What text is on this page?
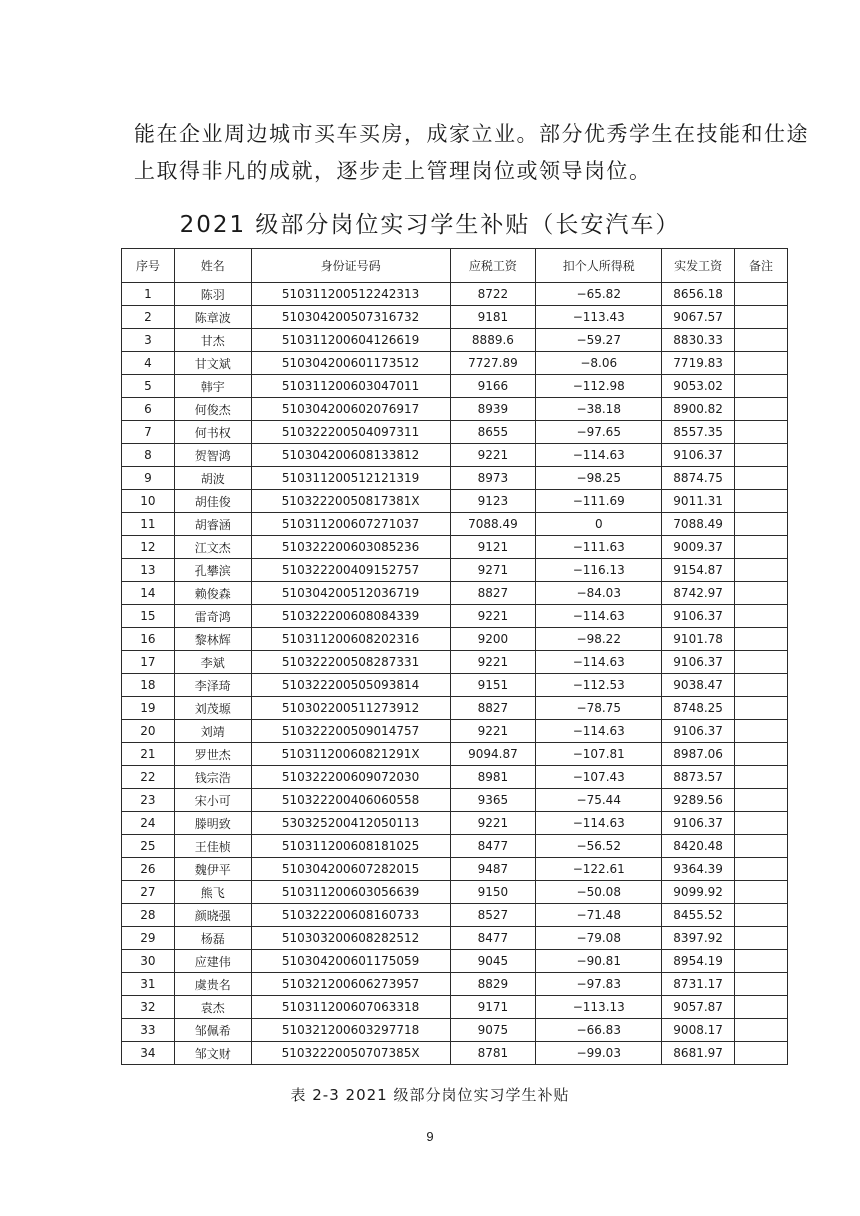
能在企业周边城市买车买房，成家立业。部分优秀学生在技能和仕途
上取得非凡的成就，逐步走上管理岗位或领导岗位。
2021 级部分岗位实习学生补贴（长安汽车）
序号	姓名	身份证号码	应税工资	扣个人所得税	实发工资	备注
1	陈羽	510311200512242313	8722	−65.82	8656.18	
2	陈章波	510304200507316732	9181	−113.43	9067.57	
3	甘杰	510311200604126619	8889.6	−59.27	8830.33	
4	甘文斌	510304200601173512	7727.89	−8.06	7719.83	
5	韩宇	510311200603047011	9166	−112.98	9053.02	
6	何俊杰	510304200602076917	8939	−38.18	8900.82	
7	何书权	510322200504097311	8655	−97.65	8557.35	
8	贺智鸿	510304200608133812	9221	−114.63	9106.37	
9	胡波	510311200512121319	8973	−98.25	8874.75	
10	胡佳俊	51032220050817381X	9123	−111.69	9011.31	
11	胡睿涵	510311200607271037	7088.49	0	7088.49	
12	江文杰	510322200603085236	9121	−111.63	9009.37	
13	孔攀滨	510322200409152757	9271	−116.13	9154.87	
14	赖俊森	510304200512036719	8827	−84.03	8742.97	
15	雷奇鸿	510322200608084339	9221	−114.63	9106.37	
16	黎林辉	510311200608202316	9200	−98.22	9101.78	
17	李斌	510322200508287331	9221	−114.63	9106.37	
18	李泽琦	510322200505093814	9151	−112.53	9038.47	
19	刘茂塬	510302200511273912	8827	−78.75	8748.25	
20	刘靖	510322200509014757	9221	−114.63	9106.37	
21	罗世杰	51031120060821291X	9094.87	−107.81	8987.06	
22	钱宗浩	510322200609072030	8981	−107.43	8873.57	
23	宋小可	510322200406060558	9365	−75.44	9289.56	
24	滕明致	530325200412050113	9221	−114.63	9106.37	
25	王佳桢	510311200608181025	8477	−56.52	8420.48	
26	魏伊平	510304200607282015	9487	−122.61	9364.39	
27	熊飞	510311200603056639	9150	−50.08	9099.92	
28	颜晓强	510322200608160733	8527	−71.48	8455.52	
29	杨磊	510303200608282512	8477	−79.08	8397.92	
30	应建伟	510304200601175059	9045	−90.81	8954.19	
31	虞贵名	510321200606273957	8829	−97.83	8731.17	
32	袁杰	510311200607063318	9171	−113.13	9057.87	
33	邹佩希	510321200603297718	9075	−66.83	9008.17	
34	邹文财	51032220050707385X	8781	−99.03	8681.97	
表 2-3 2021 级部分岗位实习学生补贴
9
